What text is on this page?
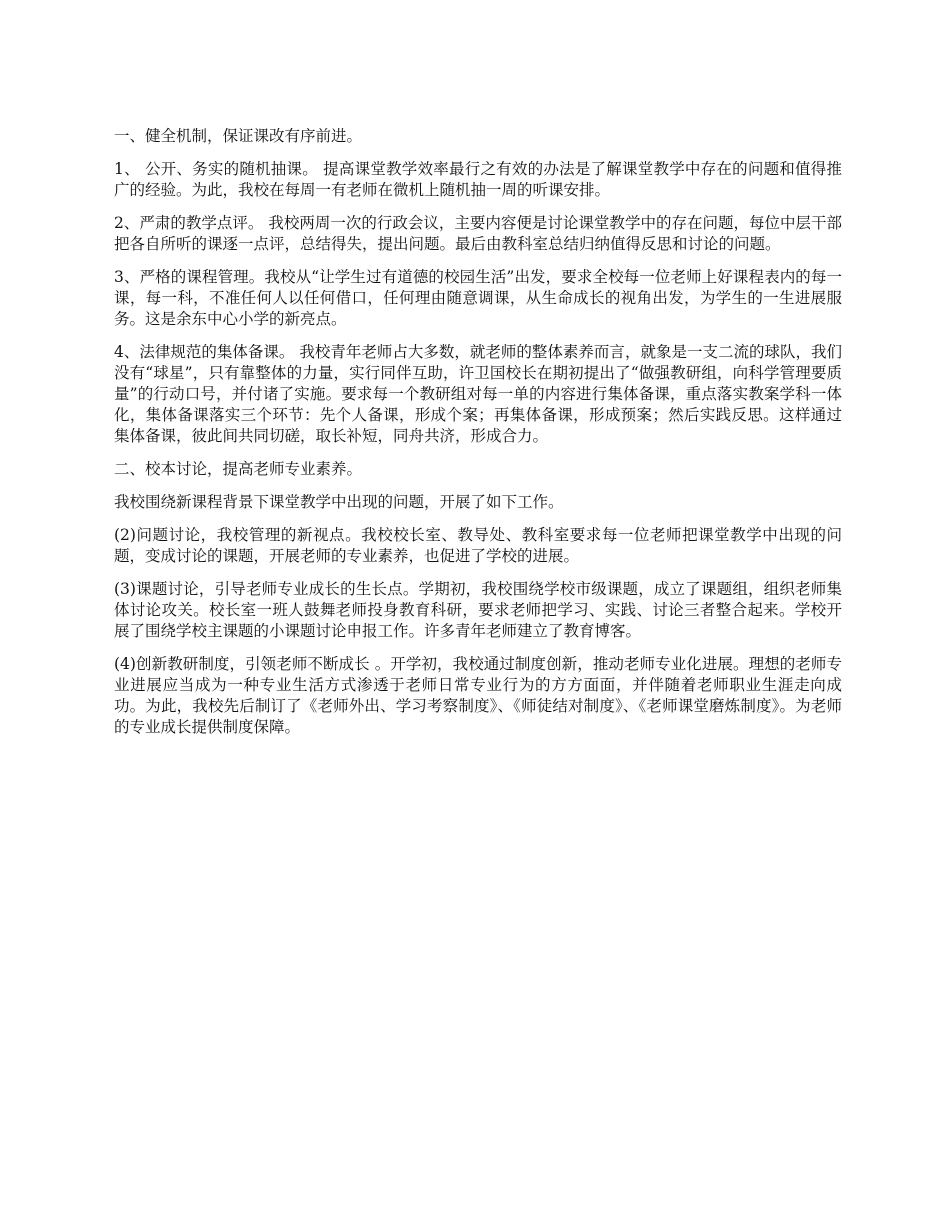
一、健全机制，保证课改有序前进。

1、 公开、务实的随机抽课。 提高课堂教学效率最行之有效的办法是了解课堂教学中存在的问题和值得推广的经验。为此，我校在每周一有老师在微机上随机抽一周的听课安排。

2、严肃的教学点评。 我校两周一次的行政会议，主要内容便是讨论课堂教学中的存在问题，每位中层干部把各自所听的课逐一点评，总结得失，提出问题。最后由教科室总结归纳值得反思和讨论的问题。

3、严格的课程管理。我校从“让学生过有道德的校园生活”出发，要求全校每一位老师上好课程表内的每一课，每一科，不准任何人以任何借口，任何理由随意调课，从生命成长的视角出发，为学生的一生进展服务。这是余东中心小学的新亮点。

4、法律规范的集体备课。 我校青年老师占大多数，就老师的整体素养而言，就象是一支二流的球队，我们没有“球星”，只有靠整体的力量，实行同伴互助，许卫国校长在期初提出了“做强教研组，向科学管理要质量”的行动口号，并付诸了实施。要求每一个教研组对每一单的内容进行集体备课，重点落实教案学科一体化，集体备课落实三个环节：先个人备课，形成个案；再集体备课，形成预案；然后实践反思。这样通过集体备课，彼此间共同切磋，取长补短，同舟共济，形成合力。

二、校本讨论，提高老师专业素养。

我校围绕新课程背景下课堂教学中出现的问题，开展了如下工作。

(2)问题讨论，我校管理的新视点。我校校长室、教导处、教科室要求每一位老师把课堂教学中出现的问题，变成讨论的课题，开展老师的专业素养，也促进了学校的进展。

(3)课题讨论，引导老师专业成长的生长点。学期初，我校围绕学校市级课题，成立了课题组，组织老师集体讨论攻关。校长室一班人鼓舞老师投身教育科研，要求老师把学习、实践、讨论三者整合起来。学校开展了围绕学校主课题的小课题讨论申报工作。许多青年老师建立了教育博客。

(4)创新教研制度，引领老师不断成长 。开学初，我校通过制度创新，推动老师专业化进展。理想的老师专业进展应当成为一种专业生活方式渗透于老师日常专业行为的方方面面，并伴随着老师职业生涯走向成功。为此，我校先后制订了《老师外出、学习考察制度》、《师徒结对制度》、《老师课堂磨炼制度》。为老师的专业成长提供制度保障。
